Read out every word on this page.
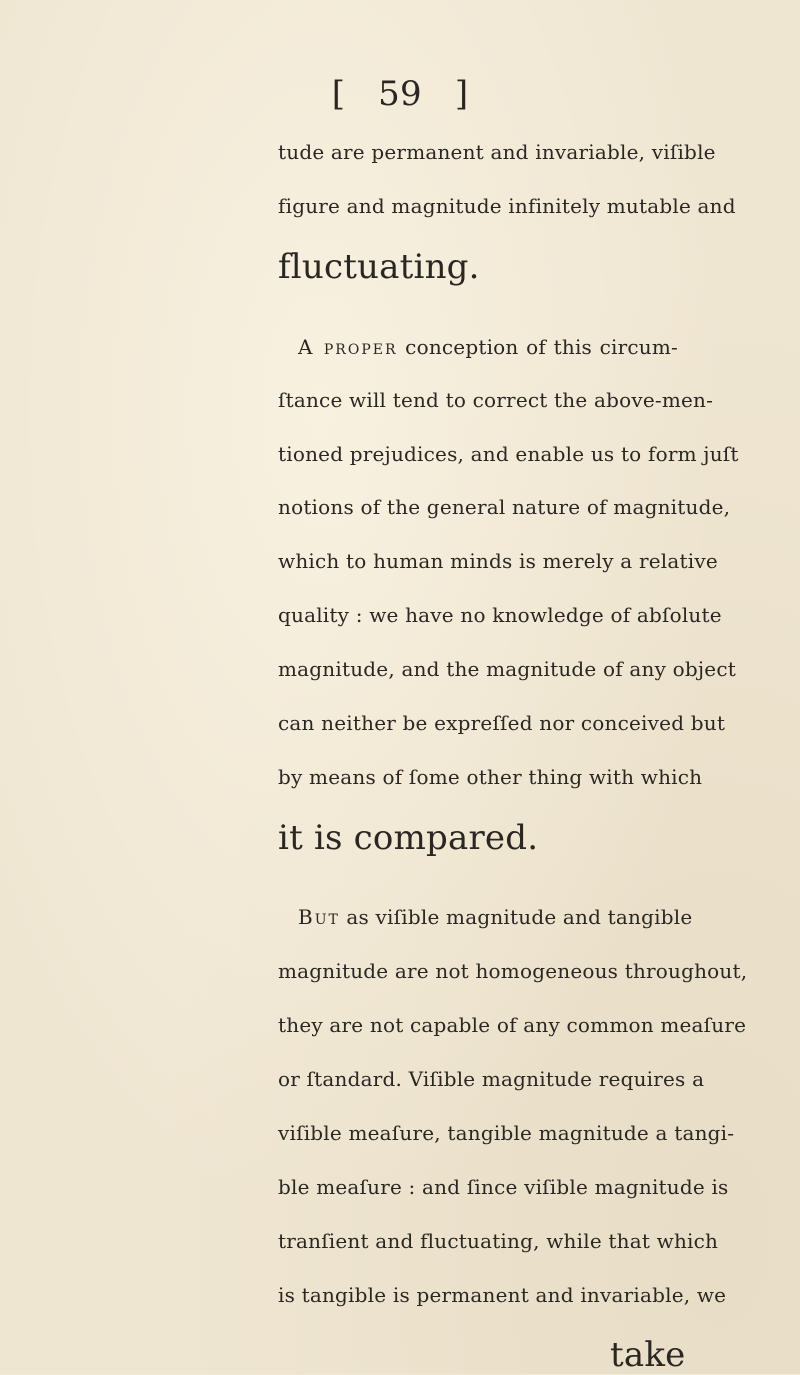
[ 59 ]
tude are permanent and invariable, viſible
figure and magnitude infinitely mutable and
fluctuating.
A proper conception of this circum-
ſtance will tend to correct the above-men-
tioned prejudices, and enable us to form juſt
notions of the general nature of magnitude,
which to human minds is merely a relative
quality : we have no knowledge of abſolute
magnitude, and the magnitude of any object
can neither be expreſſed nor conceived but
by means of ſome other thing with which
it is compared.
But as viſible magnitude and tangible
magnitude are not homogeneous throughout,
they are not capable of any common meaſure
or ſtandard. Viſible magnitude requires a
viſible meaſure, tangible magnitude a tangi-
ble meaſure : and ſince viſible magnitude is
tranſient and fluctuating, while that which
is tangible is permanent and invariable, we
take
